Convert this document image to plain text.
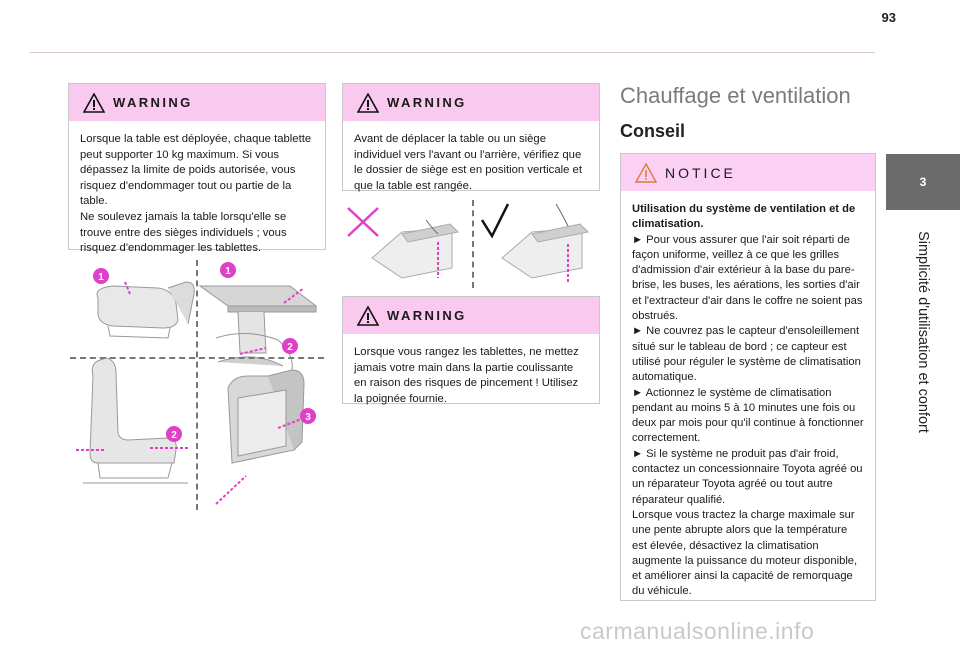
93
3
Simplicité d'utilisation et confort
WARNING
Lorsque la table est déployée, chaque tablette peut supporter 10 kg maximum. Si vous dépassez la limite de poids autorisée, vous risquez d'endommager tout ou partie de la table.
Ne soulevez jamais la table lorsqu'elle se trouve entre des sièges individuels ; vous risquez d'endommager les tablettes.
1
1
2
2
3
WARNING
Avant de déplacer la table ou un siège individuel vers l'avant ou l'arrière, vérifiez que le dossier de siège est en position verticale et que la table est rangée.
WARNING
Lorsque vous rangez les tablettes, ne mettez jamais votre main dans la partie coulissante en raison des risques de pincement ! Utilisez la poignée fournie.
Chauffage et ventilation
Conseil
NOTICE
Utilisation du système de ventilation et de climatisation.
► Pour vous assurer que l'air soit réparti de façon uniforme, veillez à ce que les grilles d'admission d'air extérieur à la base du pare-brise, les buses, les aérations, les sorties d'air et l'extracteur d'air dans le coffre ne soient pas obstrués.
► Ne couvrez pas le capteur d'ensoleillement situé sur le tableau de bord ; ce capteur est utilisé pour réguler le système de climatisation automatique.
► Actionnez le système de climatisation pendant au moins 5 à 10 minutes une fois ou deux par mois pour qu'il continue à fonctionner correctement.
► Si le système ne produit pas d'air froid, contactez un concessionnaire Toyota agréé ou un réparateur Toyota agréé ou tout autre réparateur qualifié.
Lorsque vous tractez la charge maximale sur une pente abrupte alors que la température est élevée, désactivez la climatisation augmente la puissance du moteur disponible, et améliorer ainsi la capacité de remorquage du véhicule.
carmanualsonline.info
